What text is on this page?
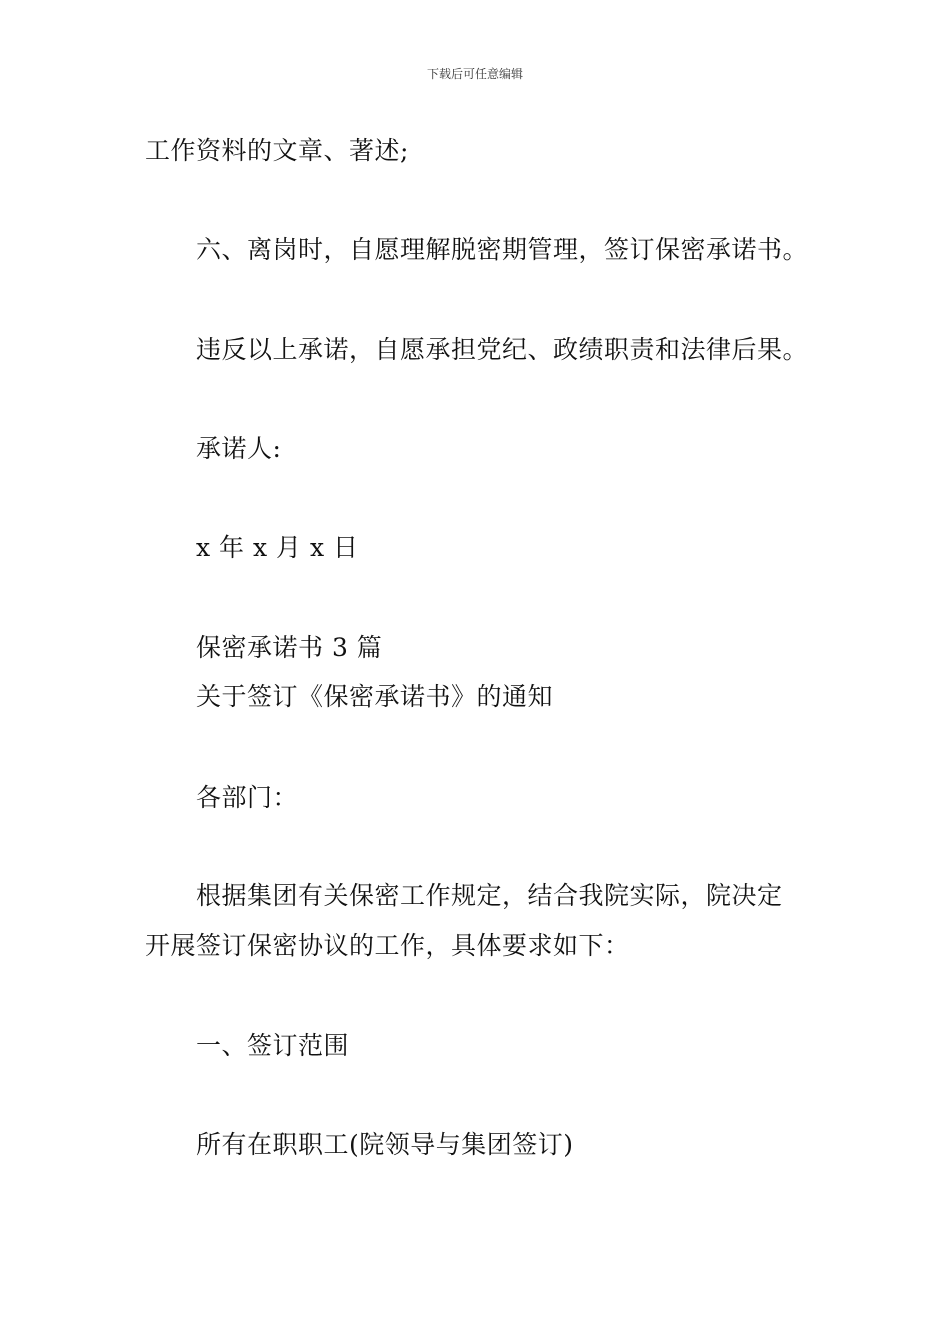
下载后可任意编辑
工作资料的文章、著述;
六、离岗时，自愿理解脱密期管理，签订保密承诺书。
违反以上承诺，自愿承担党纪、政绩职责和法律后果。
承诺人:
x 年 x 月 x 日
保密承诺书 3 篇
关于签订《保密承诺书》的通知
各部门：
根据集团有关保密工作规定，结合我院实际，院决定
开展签订保密协议的工作，具体要求如下：
一、签订范围
所有在职职工(院领导与集团签订)
